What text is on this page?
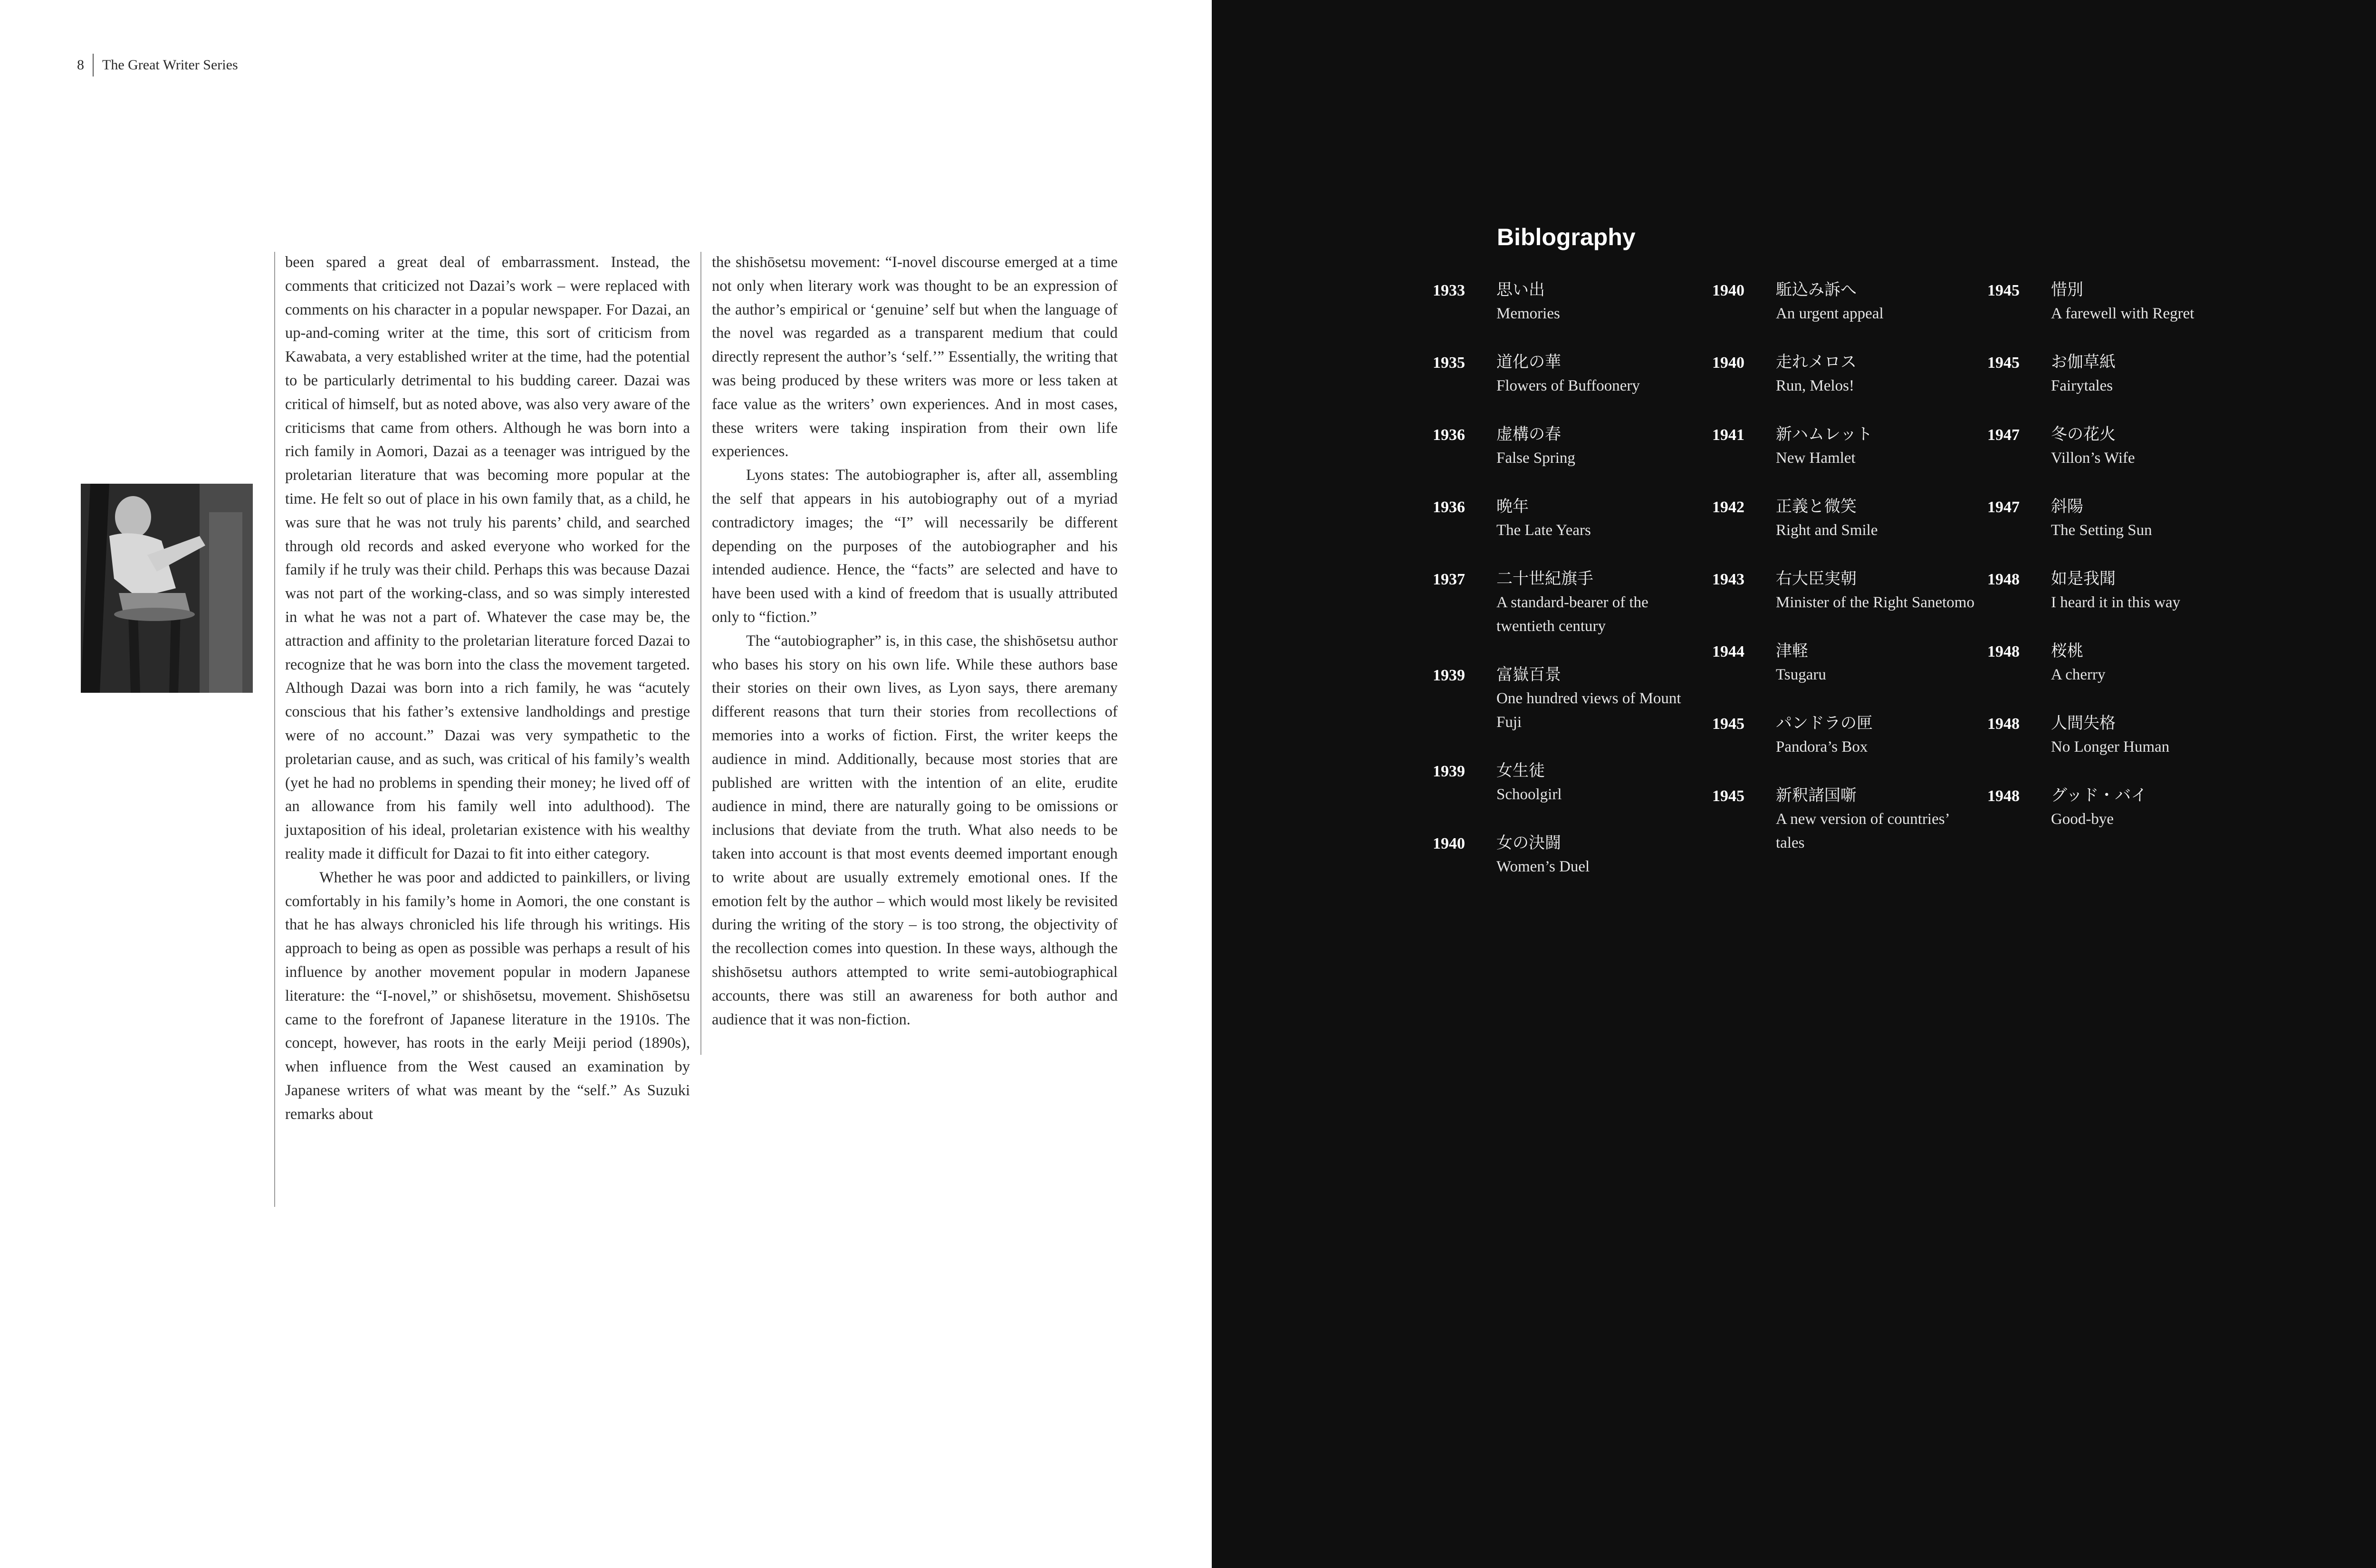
8	The Great Writer Series

been spared a great deal of embarrassment. Instead, the comments that criticized not Dazai’s work – were replaced with comments on his character in a popular newspaper. For Dazai, an up-and-coming writer at the time, this sort of criticism from Kawabata, a very established writer at the time, had the potential to be particularly detrimental to his budding career. Dazai was critical of himself, but as noted above, was also very aware of the criticisms that came from others. Although he was born into a rich family in Aomori, Dazai as a teenager was intrigued by the proletarian literature that was becoming more popular at the time. He felt so out of place in his own family that, as a child, he was sure that he was not truly his parents’ child, and searched through old records and asked everyone who worked for the family if he truly was their child. Perhaps this was because Dazai was not part of the working-class, and so was simply interested in what he was not a part of. Whatever the case may be, the attraction and affinity to the proletarian literature forced Dazai to recognize that he was born into the class the movement targeted. Although Dazai was born into a rich family, he was “acutely conscious that his father’s extensive landholdings and prestige were of no account.” Dazai was very sympathetic to the proletarian cause, and as such, was critical of his family’s wealth (yet he had no problems in spending their money; he lived off of an allowance from his family well into adulthood). The juxtaposition of his ideal, proletarian existence with his wealthy reality made it difficult for Dazai to fit into either category.

Whether he was poor and addicted to painkillers, or living comfortably in his family’s home in Aomori, the one constant is that he has always chronicled his life through his writings. His approach to being as open as possible was perhaps a result of his influence by another movement popular in modern Japanese literature: the “I-novel,” or shishōsetsu, movement. Shishōsetsu came to the forefront of Japanese literature in the 1910s. The concept, however, has roots in the early Meiji period (1890s), when influence from the West caused an examination by Japanese writers of what was meant by the “self.” As Suzuki remarks about

the shishōsetsu movement: “I-novel discourse emerged at a time not only when literary work was thought to be an expression of the author’s empirical or ‘genuine’ self but when the language of the novel was regarded as a transparent medium that could directly represent the author’s ‘self.’” Essentially, the writing that was being produced by these writers was more or less taken at face value as the writers’ own experiences. And in most cases, these writers were taking inspiration from their own life experiences.

Lyons states: The autobiographer is, after all, assembling the self that appears in his autobiography out of a myriad contradictory images; the “I” will necessarily be different depending on the purposes of the autobiographer and his intended audience. Hence, the “facts” are selected and have to have been used with a kind of freedom that is usually attributed only to “fiction.”

The “autobiographer” is, in this case, the shishōsetsu author who bases his story on his own life. While these authors base their stories on their own lives, as Lyon says, there aremany different reasons that turn their stories from recollections of memories into a works of fiction. First, the writer keeps the audience in mind. Additionally, because most stories that are published are written with the intention of an elite, erudite audience in mind, there are naturally going to be omissions or inclusions that deviate from the truth. What also needs to be taken into account is that most events deemed important enough to write about are usually extremely emotional ones. If the emotion felt by the author – which would most likely be revisited during the writing of the story – is too strong, the objectivity of the recollection comes into question. In these ways, although the shishōsetsu authors attempted to write semi-autobiographical accounts, there was still an awareness for both author and audience that it was non-fiction.

Biblography
1933 思い出
Memories
1935 道化の華
Flowers of Buffoonery
1936 虚構の春
False Spring
1936 晩年
The Late Years
1937 二十世紀旗手
A standard-bearer of the twentieth century
1939 富嶽百景
One hundred views of Mount Fuji
1939 女生徒
Schoolgirl
1940 女の決闘
Women’s Duel
1940 駈込み訴へ
An urgent appeal
1940 走れメロス
Run, Melos!
1941 新ハムレット
New Hamlet
1942 正義と微笑
Right and Smile
1943 右大臣実朝
Minister of the Right Sanetomo
1944 津軽
Tsugaru
1945 パンドラの匣
Pandora’s Box
1945 新釈諸国噺
A new version of countries’ tales
1945 惜別
A farewell with Regret
1945 お伽草紙
Fairytales
1947 冬の花火
Villon’s Wife
1947 斜陽
The Setting Sun
1948 如是我聞
I heard it in this way
1948 桜桃
A cherry
1948 人間失格
No Longer Human
1948 グッド・バイ
Good-bye
